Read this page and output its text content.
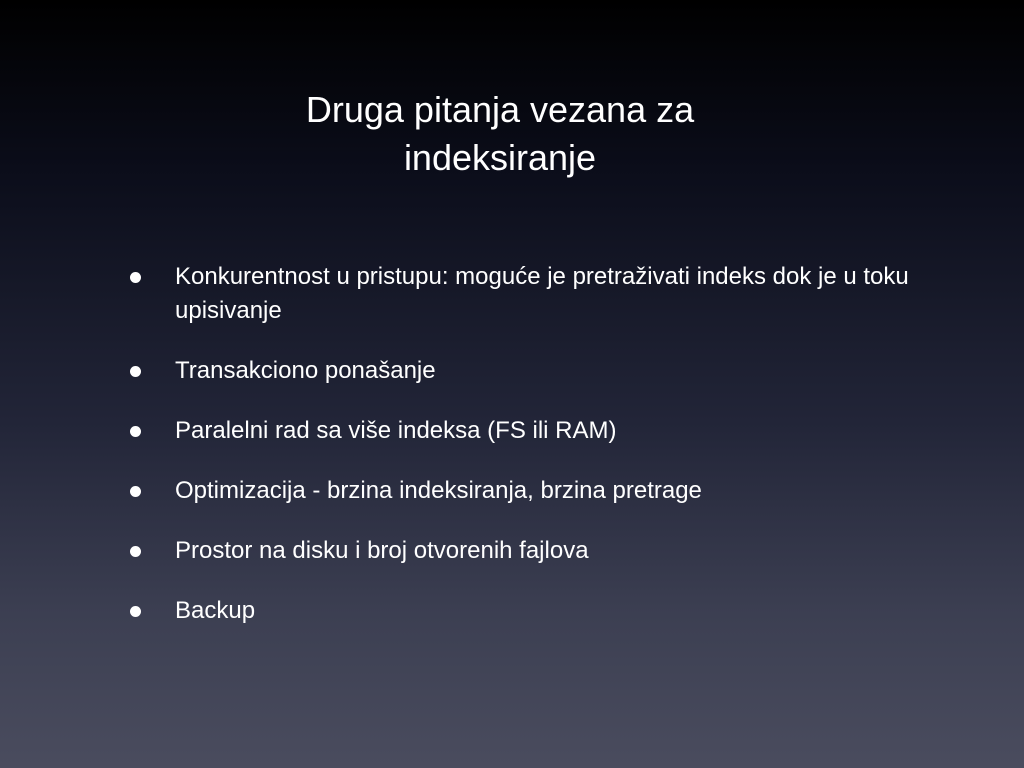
Druga pitanja vezana za
indeksiranje
Konkurentnost u pristupu: moguće je pretraživati indeks dok je u toku upisivanje
Transakciono ponašanje
Paralelni rad sa više indeksa (FS ili RAM)
Optimizacija - brzina indeksiranja, brzina pretrage
Prostor na disku i broj otvorenih fajlova
Backup
